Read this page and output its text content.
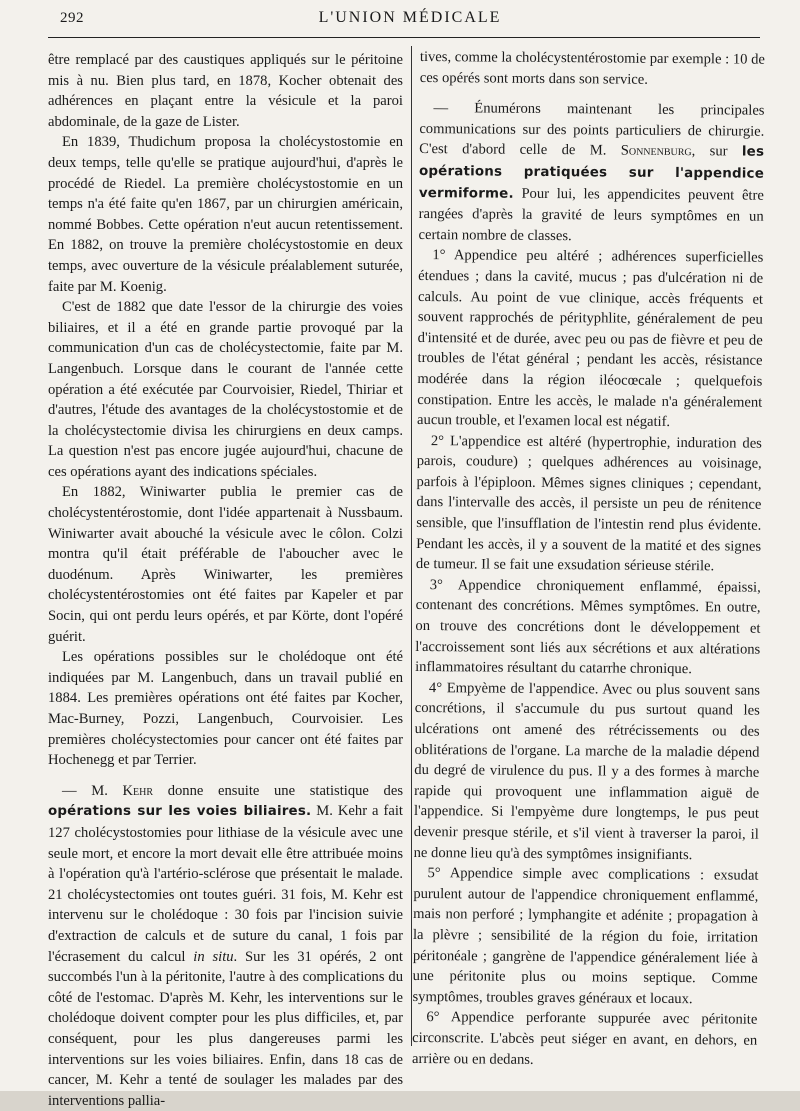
292	L'UNION MÉDICALE

être remplacé par des caustiques appliqués sur le péritoine mis à nu. Bien plus tard, en 1878, Kocher obtenait des adhérences en plaçant entre la vésicule et la paroi abdominale, de la gaze de Lister.

En 1839, Thudichum proposa la cholécystostomie en deux temps, telle qu'elle se pratique aujourd'hui, d'après le procédé de Riedel. La première cholécystostomie en un temps n'a été faite qu'en 1867, par un chirurgien américain, nommé Bobbes. Cette opération n'eut aucun retentissement. En 1882, on trouve la première cholécystostomie en deux temps, avec ouverture de la vésicule préalablement suturée, faite par M. Koenig.

C'est de 1882 que date l'essor de la chirurgie des voies biliaires, et il a été en grande partie provoqué par la communication d'un cas de cholécystectomie, faite par M. Langenbuch. Lorsque dans le courant de l'année cette opération a été exécutée par Courvoisier, Riedel, Thiriar et d'autres, l'étude des avantages de la cholécystostomie et de la cholécystectomie divisa les chirurgiens en deux camps. La question n'est pas encore jugée aujourd'hui, chacune de ces opérations ayant des indications spéciales.

En 1882, Winiwarter publia le premier cas de cholécystentérostomie, dont l'idée appartenait à Nussbaum. Winiwarter avait abouché la vésicule avec le côlon. Colzi montra qu'il était préférable de l'aboucher avec le duodénum. Après Winiwarter, les premières cholécystentérostomies ont été faites par Kapeler et par Socin, qui ont perdu leurs opérés, et par Körte, dont l'opéré guérit.

Les opérations possibles sur le cholédoque ont été indiquées par M. Langenbuch, dans un travail publié en 1884. Les premières opérations ont été faites par Kocher, Mac-Burney, Pozzi, Langenbuch, Courvoisier. Les premières cholécystectomies pour cancer ont été faites par Hochenegg et par Terrier.

— M. Kehr donne ensuite une statistique des opérations sur les voies biliaires. M. Kehr a fait 127 cholécystostomies pour lithiase de la vésicule avec une seule mort, et encore la mort devait elle être attribuée moins à l'opération qu'à l'artério-sclérose que présentait le malade. 21 cholécystectomies ont toutes guéri. 31 fois, M. Kehr est intervenu sur le cholédoque : 30 fois par l'incision suivie d'extraction de calculs et de suture du canal, 1 fois par l'écrasement du calcul in situ. Sur les 31 opérés, 2 ont succombés l'un à la péritonite, l'autre à des complications du côté de l'estomac. D'après M. Kehr, les interventions sur le cholédoque doivent compter pour les plus difficiles, et, par conséquent, pour les plus dangereuses parmi les interventions sur les voies biliaires. Enfin, dans 18 cas de cancer, M. Kehr a tenté de soulager les malades par des interventions pallia-

tives, comme la cholécystentérostomie par exemple : 10 de ces opérés sont morts dans son service.

— Énumérons maintenant les principales communications sur des points particuliers de chirurgie. C'est d'abord celle de M. Sonnenburg, sur les opérations pratiquées sur l'appendice vermiforme. Pour lui, les appendicites peuvent être rangées d'après la gravité de leurs symptômes en un certain nombre de classes.

1° Appendice peu altéré ; adhérences superficielles étendues ; dans la cavité, mucus ; pas d'ulcération ni de calculs. Au point de vue clinique, accès fréquents et souvent rapprochés de pérityphlite, généralement de peu d'intensité et de durée, avec peu ou pas de fièvre et peu de troubles de l'état général ; pendant les accès, résistance modérée dans la région iléocœcale ; quelquefois constipation. Entre les accès, le malade n'a généralement aucun trouble, et l'examen local est négatif.

2° L'appendice est altéré (hypertrophie, induration des parois, coudure) ; quelques adhérences au voisinage, parfois à l'épiploon. Mêmes signes cliniques ; cependant, dans l'intervalle des accès, il persiste un peu de rénitence sensible, que l'insufflation de l'intestin rend plus évidente. Pendant les accès, il y a souvent de la matité et des signes de tumeur. Il se fait une exsudation sérieuse stérile.

3° Appendice chroniquement enflammé, épaissi, contenant des concrétions. Mêmes symptômes. En outre, on trouve des concrétions dont le développement et l'accroissement sont liés aux sécrétions et aux altérations inflammatoires résultant du catarrhe chronique.

4° Empyème de l'appendice. Avec ou plus souvent sans concrétions, il s'accumule du pus surtout quand les ulcérations ont amené des rétrécissements ou des oblitérations de l'organe. La marche de la maladie dépend du degré de virulence du pus. Il y a des formes à marche rapide qui provoquent une inflammation aiguë de l'appendice. Si l'empyème dure longtemps, le pus peut devenir presque stérile, et s'il vient à traverser la paroi, il ne donne lieu qu'à des symptômes insignifiants.

5° Appendice simple avec complications : exsudat purulent autour de l'appendice chroniquement enflammé, mais non perforé ; lymphangite et adénite ; propagation à la plèvre ; sensibilité de la région du foie, irritation péritonéale ; gangrène de l'appendice généralement liée à une péritonite plus ou moins septique. Comme symptômes, troubles graves généraux et locaux.

6° Appendice perforante suppurée avec péritonite circonscrite. L'abcès peut siéger en avant, en dehors, en arrière ou en dedans.
